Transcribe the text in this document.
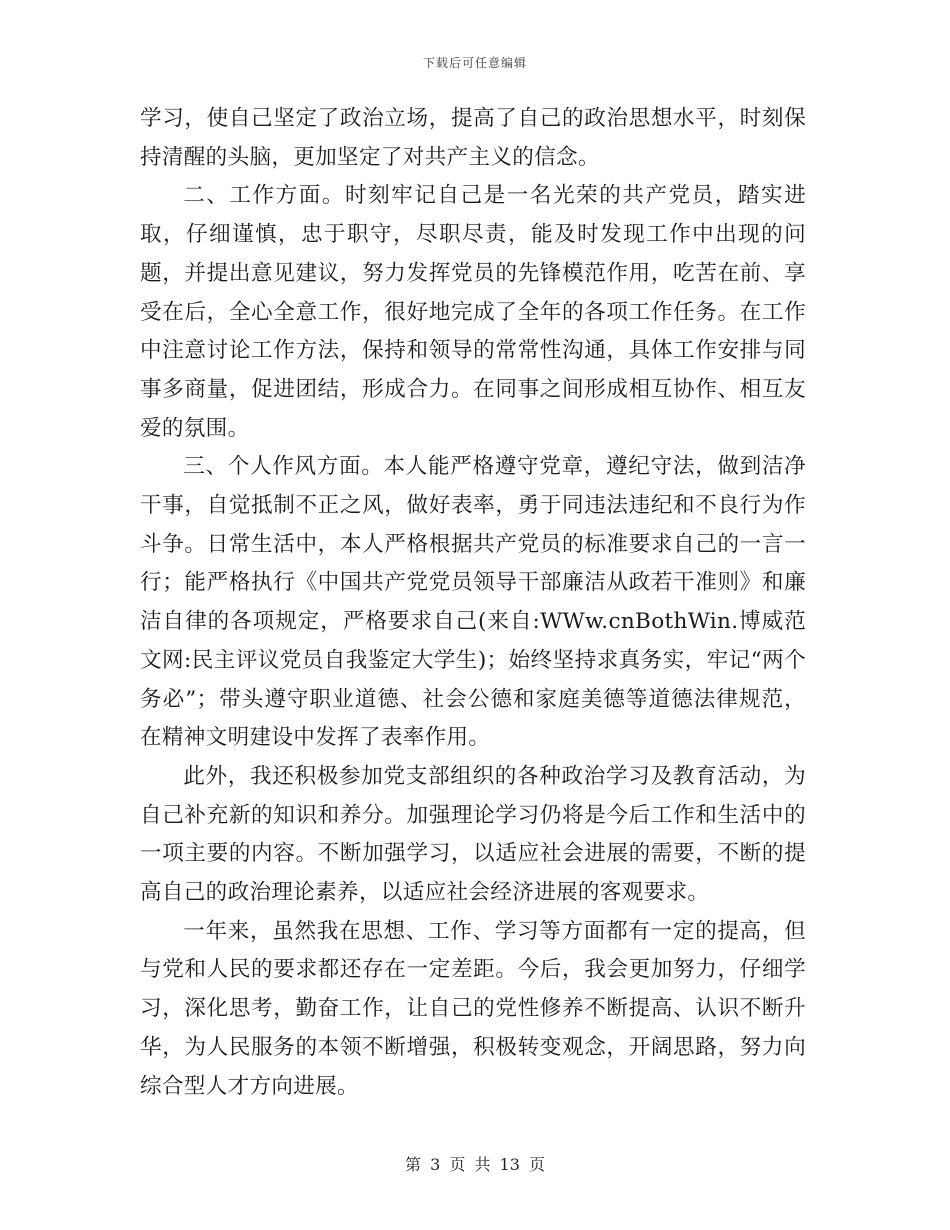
下载后可任意编辑

学习，使自己坚定了政治立场，提高了自己的政治思想水平，时刻保持清醒的头脑，更加坚定了对共产主义的信念。

二、工作方面。时刻牢记自己是一名光荣的共产党员，踏实进取，仔细谨慎，忠于职守，尽职尽责，能及时发现工作中出现的问题，并提出意见建议，努力发挥党员的先锋模范作用，吃苦在前、享受在后，全心全意工作，很好地完成了全年的各项工作任务。在工作中注意讨论工作方法，保持和领导的常常性沟通，具体工作安排与同事多商量，促进团结，形成合力。在同事之间形成相互协作、相互友爱的氛围。

三、个人作风方面。本人能严格遵守党章，遵纪守法，做到洁净干事，自觉抵制不正之风，做好表率，勇于同违法违纪和不良行为作斗争。日常生活中，本人严格根据共产党员的标准要求自己的一言一行；能严格执行《中国共产党党员领导干部廉洁从政若干准则》和廉洁自律的各项规定，严格要求自己(来自:WWw.cnBothWin.博威范文网:民主评议党员自我鉴定大学生)；始终坚持求真务实，牢记“两个务必”；带头遵守职业道德、社会公德和家庭美德等道德法律规范，在精神文明建设中发挥了表率作用。

此外，我还积极参加党支部组织的各种政治学习及教育活动，为自己补充新的知识和养分。加强理论学习仍将是今后工作和生活中的一项主要的内容。不断加强学习，以适应社会进展的需要，不断的提高自己的政治理论素养，以适应社会经济进展的客观要求。

一年来，虽然我在思想、工作、学习等方面都有一定的提高，但与党和人民的要求都还存在一定差距。今后，我会更加努力，仔细学习，深化思考，勤奋工作，让自己的党性修养不断提高、认识不断升华，为人民服务的本领不断增强，积极转变观念，开阔思路，努力向综合型人才方向进展。

第 3 页 共 13 页
